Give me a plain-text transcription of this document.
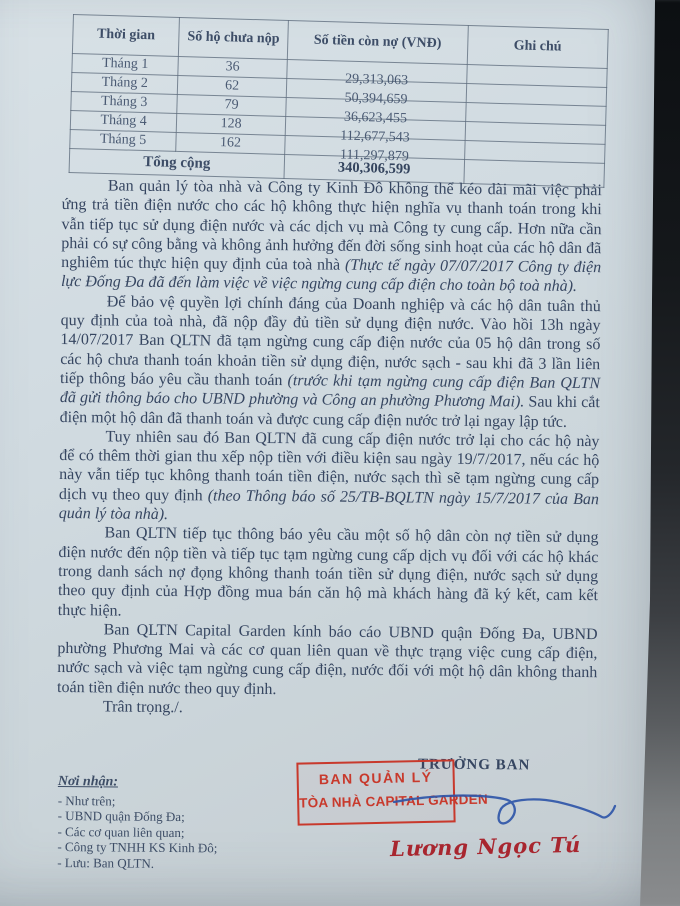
Thời gian	Số hộ chưa nộp	Số tiền còn nợ (VNĐ)	Ghi chú
Tháng 1	36	29,313,063	
Tháng 2	62	50,394,659	
Tháng 3	79	36,623,455	
Tháng 4	128	112,677,543	
Tháng 5	162	111,297,879	
Tổng cộng		340,306,599	

Ban quản lý tòa nhà và Công ty Kinh Đô không thể kéo dài mãi việc phải ứng trả tiền điện nước cho các hộ không thực hiện nghĩa vụ thanh toán trong khi vẫn tiếp tục sử dụng điện nước và các dịch vụ mà Công ty cung cấp. Hơn nữa cần phải có sự công bằng và không ảnh hưởng đến đời sống sinh hoạt của các hộ dân đã nghiêm túc thực hiện quy định của toà nhà (Thực tế ngày 07/07/2017 Công ty điện lực Đống Đa đã đến làm việc về việc ngừng cung cấp điện cho toàn bộ toà nhà).

Để bảo vệ quyền lợi chính đáng của Doanh nghiệp và các hộ dân tuân thủ quy định của toà nhà, đã nộp đầy đủ tiền sử dụng điện nước. Vào hồi 13h ngày 14/07/2017 Ban QLTN đã tạm ngừng cung cấp điện nước của 05 hộ dân trong số các hộ chưa thanh toán khoản tiền sử dụng điện, nước sạch - sau khi đã 3 lần liên tiếp thông báo yêu cầu thanh toán (trước khi tạm ngừng cung cấp điện Ban QLTN đã gửi thông báo cho UBND phường và Công an phường Phương Mai). Sau khi cắt điện một hộ dân đã thanh toán và được cung cấp điện nước trở lại ngay lập tức.

Tuy nhiên sau đó Ban QLTN đã cung cấp điện nước trở lại cho các hộ này để có thêm thời gian thu xếp nộp tiền với điều kiện sau ngày 19/7/2017, nếu các hộ này vẫn tiếp tục không thanh toán tiền điện, nước sạch thì sẽ tạm ngừng cung cấp dịch vụ theo quy định (theo Thông báo số 25/TB-BQLTN ngày 15/7/2017 của Ban quản lý tòa nhà).

Ban QLTN tiếp tục thông báo yêu cầu một số hộ dân còn nợ tiền sử dụng điện nước đến nộp tiền và tiếp tục tạm ngừng cung cấp dịch vụ đối với các hộ khác trong danh sách nợ đọng không thanh toán tiền sử dụng điện, nước sạch sử dụng theo quy định của Hợp đồng mua bán căn hộ mà khách hàng đã ký kết, cam kết thực hiện.

Ban QLTN Capital Garden kính báo cáo UBND quận Đống Đa, UBND phường Phương Mai và các cơ quan liên quan về thực trạng việc cung cấp điện, nước sạch và việc tạm ngừng cung cấp điện, nước đối với một hộ dân không thanh toán tiền điện nước theo quy định.

Trân trọng./.

TRƯỞNG BAN
Nơi nhận:
- Như trên;
- UBND quận Đống Đa;
- Các cơ quan liên quan;
- Công ty TNHH KS Kinh Đô;
- Lưu: Ban QLTN.
BAN QUẢN LÝ
TÒA NHÀ CAPITAL GARDEN
Lương Ngọc Tú
